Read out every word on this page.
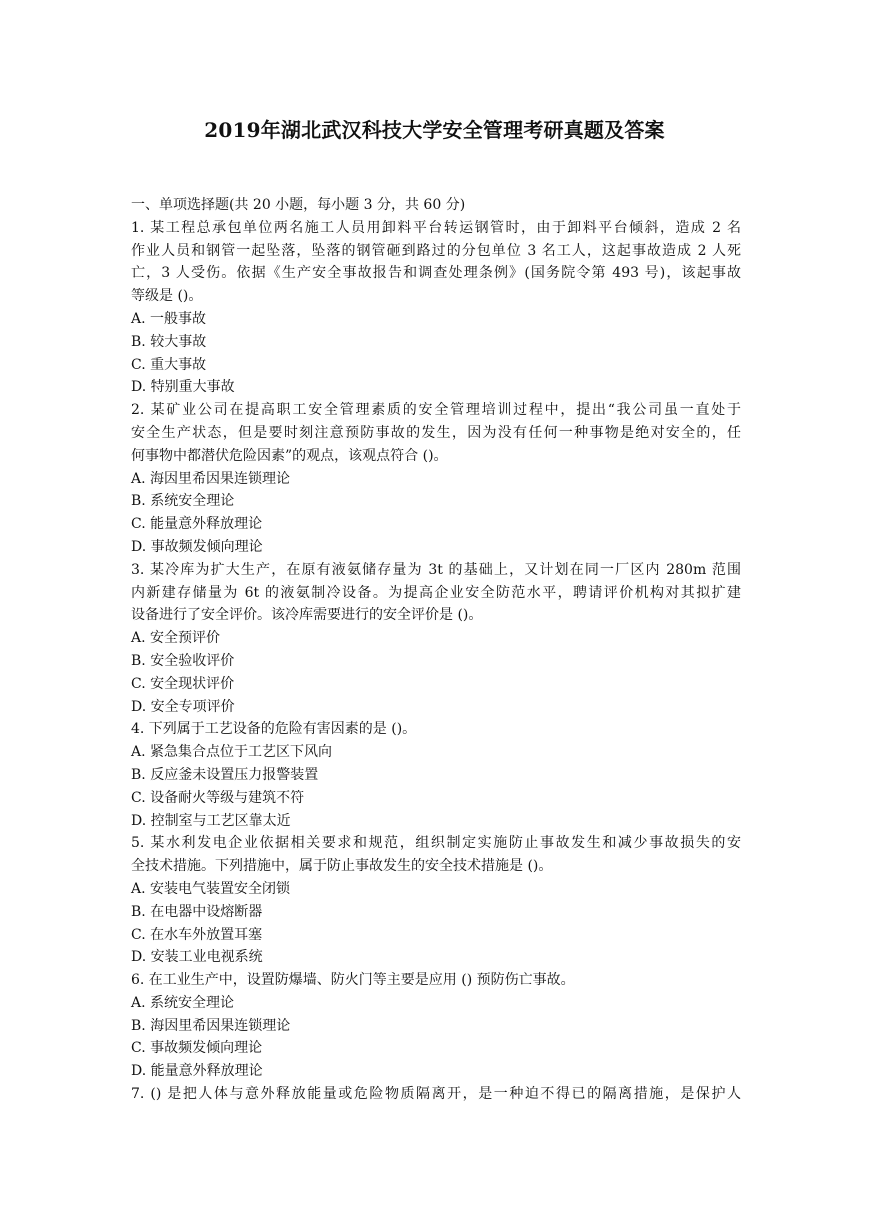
2019年湖北武汉科技大学安全管理考研真题及答案
一、单项选择题(共 20 小题，每小题 3 分，共 60 分)
1. 某工程总承包单位两名施工人员用卸料平台转运钢管时，由于卸料平台倾斜，造成 2 名
作业人员和钢管一起坠落，坠落的钢管砸到路过的分包单位 3 名工人，这起事故造成 2 人死
亡，3 人受伤。依据《生产安全事故报告和调查处理条例》(国务院令第 493 号)，该起事故
等级是 ()。
A. 一般事故
B. 较大事故
C. 重大事故
D. 特别重大事故
2. 某矿业公司在提高职工安全管理素质的安全管理培训过程中，提出“我公司虽一直处于
安全生产状态，但是要时刻注意预防事故的发生，因为没有任何一种事物是绝对安全的，任
何事物中都潜伏危险因素”的观点，该观点符合 ()。
A. 海因里希因果连锁理论
B. 系统安全理论
C. 能量意外释放理论
D. 事故频发倾向理论
3. 某冷库为扩大生产，在原有液氨储存量为 3t 的基础上，又计划在同一厂区内 280m 范围
内新建存储量为 6t 的液氨制冷设备。为提高企业安全防范水平，聘请评价机构对其拟扩建
设备进行了安全评价。该冷库需要进行的安全评价是 ()。
A. 安全预评价
B. 安全验收评价
C. 安全现状评价
D. 安全专项评价
4. 下列属于工艺设备的危险有害因素的是 ()。
A. 紧急集合点位于工艺区下风向
B. 反应釜未设置压力报警装置
C. 设备耐火等级与建筑不符
D. 控制室与工艺区靠太近
5. 某水利发电企业依据相关要求和规范，组织制定实施防止事故发生和减少事故损失的安
全技术措施。下列措施中，属于防止事故发生的安全技术措施是 ()。
A. 安装电气装置安全闭锁
B. 在电器中设熔断器
C. 在水车外放置耳塞
D. 安装工业电视系统
6. 在工业生产中，设置防爆墙、防火门等主要是应用 () 预防伤亡事故。
A. 系统安全理论
B. 海因里希因果连锁理论
C. 事故频发倾向理论
D. 能量意外释放理论
7. () 是把人体与意外释放能量或危险物质隔离开，是一种迫不得已的隔离措施，是保护人
